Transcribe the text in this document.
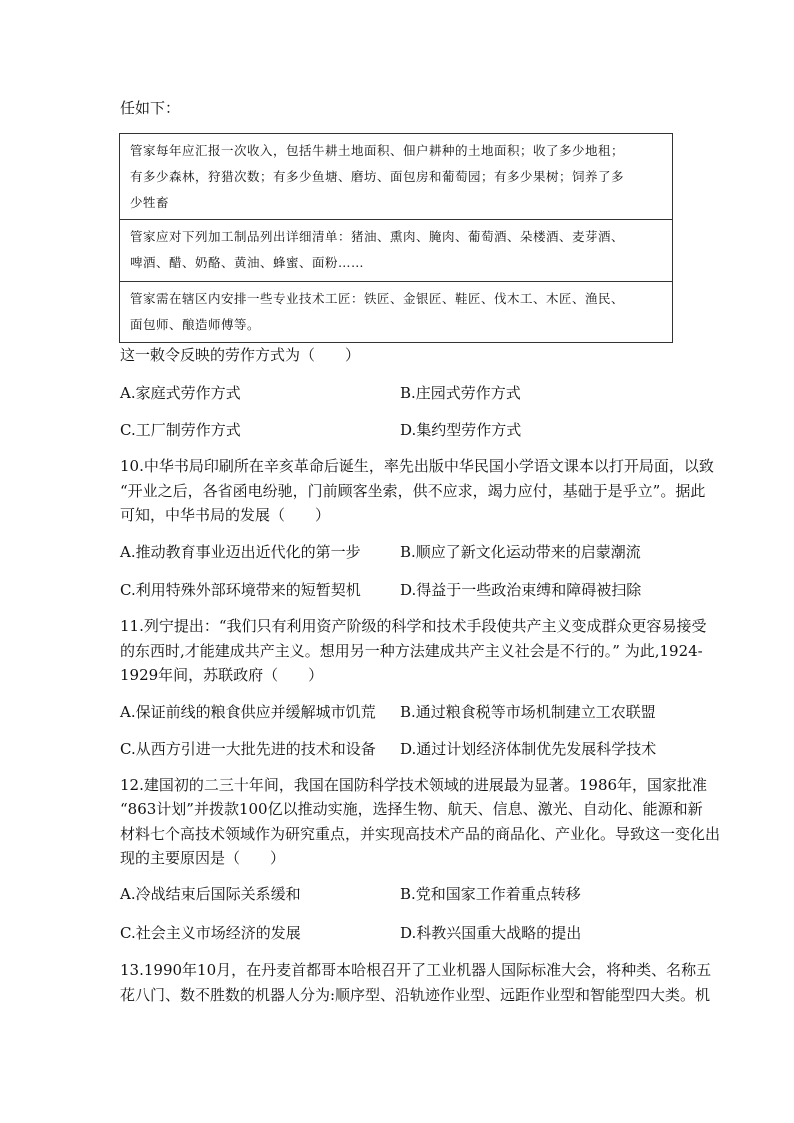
任如下：
管家每年应汇报一次收入，包括牛耕土地面积、佃户耕种的土地面积；收了多少地租；
有多少森林，狩猎次数；有多少鱼塘、磨坊、面包房和葡萄园；有多少果树；饲养了多
少牲畜
管家应对下列加工制品列出详细清单：猪油、熏肉、腌肉、葡萄酒、朵楼酒、麦芽酒、
啤酒、醋、奶酪、黄油、蜂蜜、面粉……
管家需在辖区内安排一些专业技术工匠：铁匠、金银匠、鞋匠、伐木工、木匠、渔民、
面包师、酿造师傅等。
这一敕令反映的劳作方式为（　　）
A.家庭式劳作方式	B.庄园式劳作方式
C.工厂制劳作方式	D.集约型劳作方式
10.中华书局印刷所在辛亥革命后诞生，率先出版中华民国小学语文课本以打开局面，以致
“开业之后，各省函电纷驰，门前顾客坐索，供不应求，竭力应付，基础于是乎立”。据此
可知，中华书局的发展（　　）
A.推动教育事业迈出近代化的第一步	B.顺应了新文化运动带来的启蒙潮流
C.利用特殊外部环境带来的短暂契机	D.得益于一些政治束缚和障碍被扫除
11.列宁提出：“我们只有利用资产阶级的科学和技术手段使共产主义变成群众更容易接受
的东西时,才能建成共产主义。想用另一种方法建成共产主义社会是不行的。” 为此,1924-
1929年间，苏联政府（　　）
A.保证前线的粮食供应并缓解城市饥荒 B.通过粮食税等市场机制建立工农联盟
C.从西方引进一大批先进的技术和设备 D.通过计划经济体制优先发展科学技术
12.建国初的二三十年间，我国在国防科学技术领域的进展最为显著。1986年，国家批准
“863计划”并拨款100亿以推动实施，选择生物、航天、信息、激光、自动化、能源和新
材料七个高技术领域作为研究重点，并实现高技术产品的商品化、产业化。导致这一变化出
现的主要原因是（　　）
A.冷战结束后国际关系缓和	B.党和国家工作着重点转移
C.社会主义市场经济的发展	D.科教兴国重大战略的提出
13.1990年10月，在丹麦首都哥本哈根召开了工业机器人国际标准大会，将种类、名称五
花八门、数不胜数的机器人分为:顺序型、沿轨迹作业型、远距作业型和智能型四大类。机
